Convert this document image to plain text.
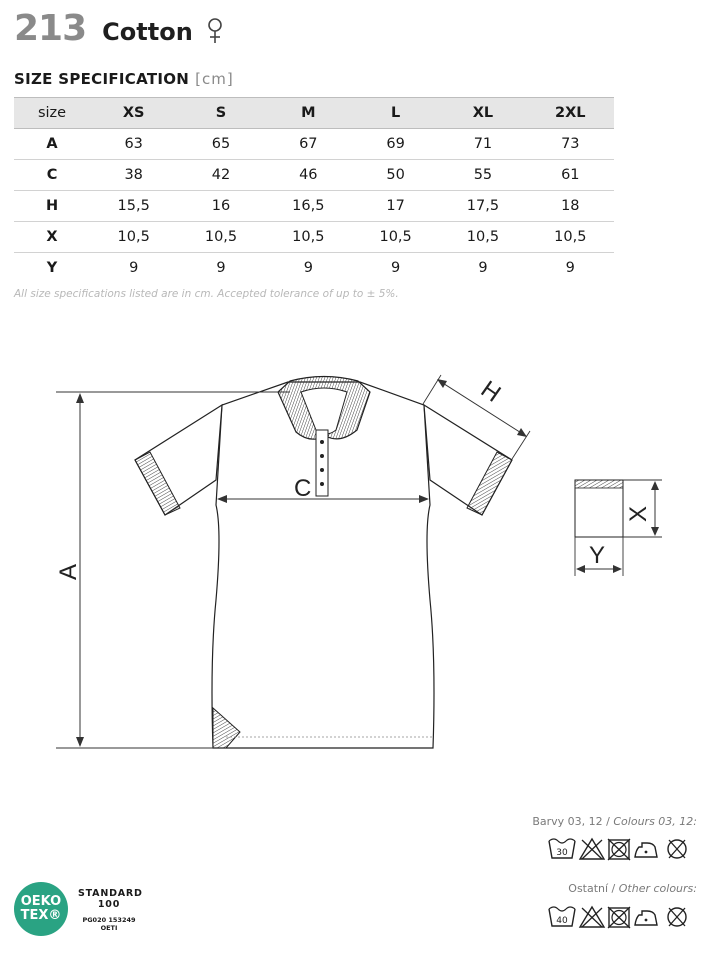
213 Cotton
SIZE SPECIFICATION [cm]
size	XS	S	M	L	XL	2XL
A	63	65	67	69	71	73
C	38	42	46	50	55	61
H	15,5	16	16,5	17	17,5	18
X	10,5	10,5	10,5	10,5	10,5	10,5
Y	9	9	9	9	9	9
All size specifications listed are in cm. Accepted tolerance of up to ± 5%.
A
C
H
X
Y
Barvy 03, 12 / Colours 03, 12:
30
Ostatní / Other colours:
40
OEKO
TEX®
STANDARD
100
PG020 153249
OETI
